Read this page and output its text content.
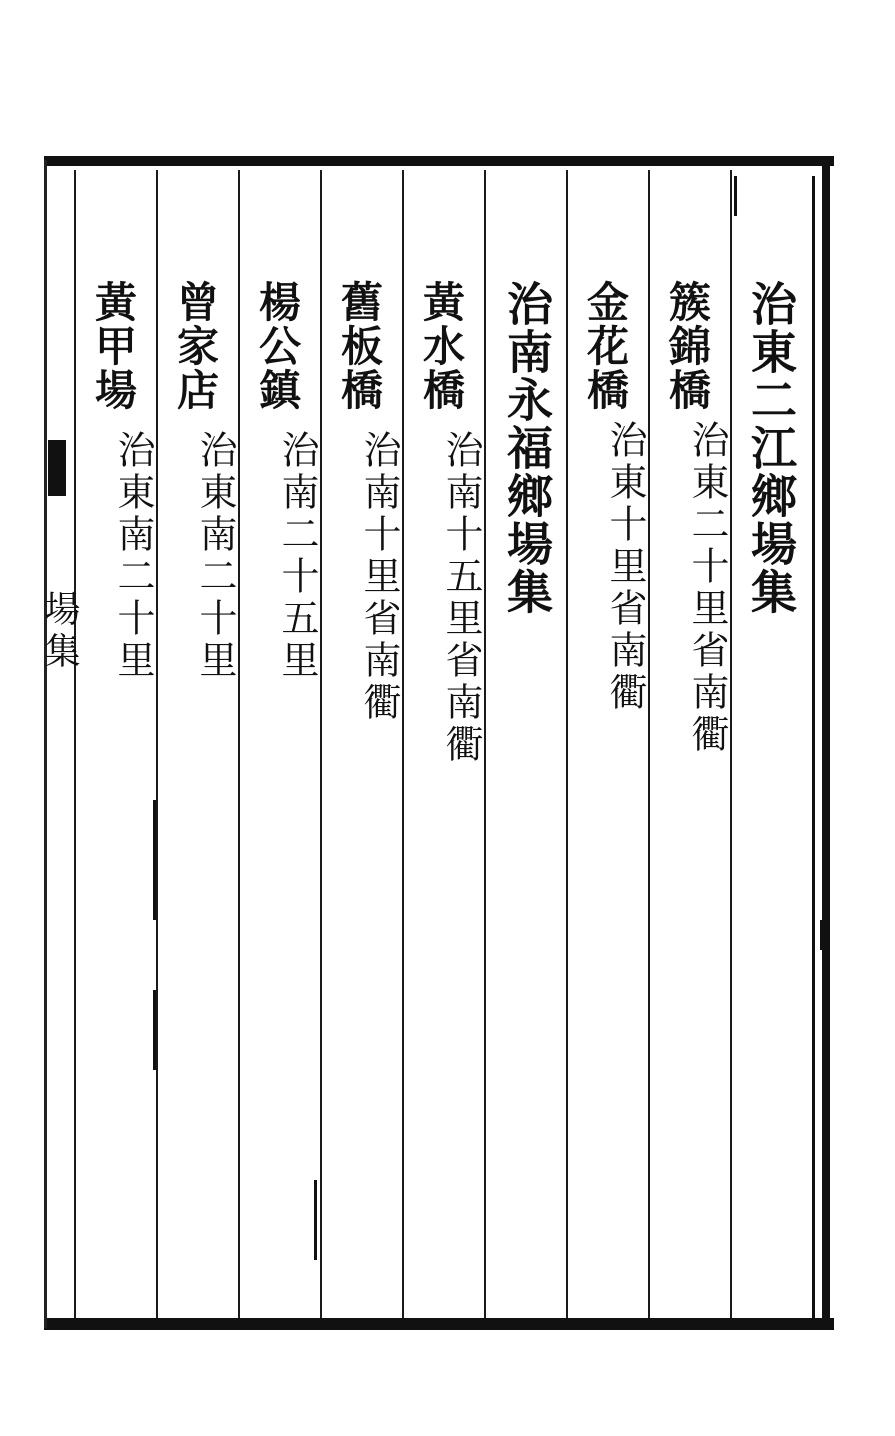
治東二江鄉場集
簇錦橋
治東二十里省南衢
金花橋
治東十里省南衢
治南永福鄉場集
黃水橋
治南十五里省南衢
舊板橋
治南十里省南衢
楊公鎮
治南二十五里
曾家店
治東南二十里
黃甲場
治東南二十里
場集
